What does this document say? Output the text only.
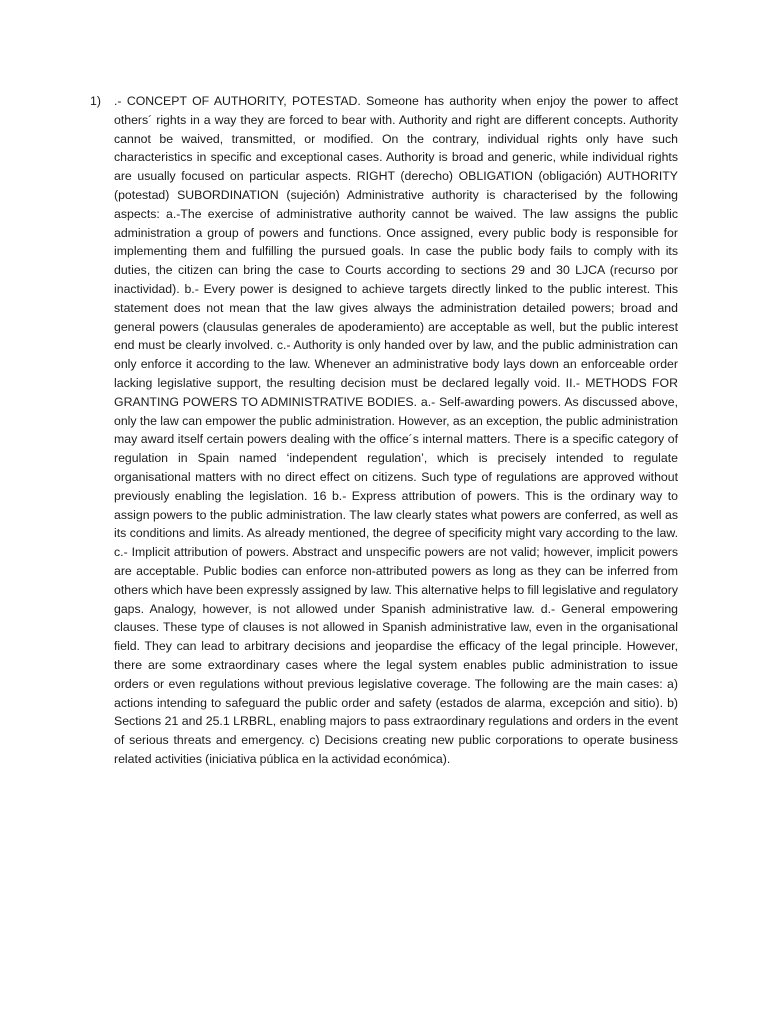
1)	.- CONCEPT OF AUTHORITY, POTESTAD. Someone has authority when enjoy the power to affect others´ rights in a way they are forced to bear with. Authority and right are different concepts. Authority cannot be waived, transmitted, or modified. On the contrary, individual rights only have such characteristics in specific and exceptional cases. Authority is broad and generic, while individual rights are usually focused on particular aspects. RIGHT (derecho) OBLIGATION (obligación) AUTHORITY (potestad) SUBORDINATION (sujeción) Administrative authority is characterised by the following aspects: a.-The exercise of administrative authority cannot be waived. The law assigns the public administration a group of powers and functions. Once assigned, every public body is responsible for implementing them and fulfilling the pursued goals. In case the public body fails to comply with its duties, the citizen can bring the case to Courts according to sections 29 and 30 LJCA (recurso por inactividad). b.- Every power is designed to achieve targets directly linked to the public interest. This statement does not mean that the law gives always the administration detailed powers; broad and general powers (clausulas generales de apoderamiento) are acceptable as well, but the public interest end must be clearly involved. c.- Authority is only handed over by law, and the public administration can only enforce it according to the law. Whenever an administrative body lays down an enforceable order lacking legislative support, the resulting decision must be declared legally void. II.- METHODS FOR GRANTING POWERS TO ADMINISTRATIVE BODIES. a.- Self-awarding powers. As discussed above, only the law can empower the public administration. However, as an exception, the public administration may award itself certain powers dealing with the office´s internal matters. There is a specific category of regulation in Spain named ‘independent regulation’, which is precisely intended to regulate organisational matters with no direct effect on citizens. Such type of regulations are approved without previously enabling the legislation. 16 b.- Express attribution of powers. This is the ordinary way to assign powers to the public administration. The law clearly states what powers are conferred, as well as its conditions and limits. As already mentioned, the degree of specificity might vary according to the law. c.- Implicit attribution of powers. Abstract and unspecific powers are not valid; however, implicit powers are acceptable. Public bodies can enforce non-attributed powers as long as they can be inferred from others which have been expressly assigned by law. This alternative helps to fill legislative and regulatory gaps. Analogy, however, is not allowed under Spanish administrative law. d.- General empowering clauses. These type of clauses is not allowed in Spanish administrative law, even in the organisational field. They can lead to arbitrary decisions and jeopardise the efficacy of the legal principle. However, there are some extraordinary cases where the legal system enables public administration to issue orders or even regulations without previous legislative coverage. The following are the main cases: a) actions intending to safeguard the public order and safety (estados de alarma, excepción and sitio). b) Sections 21 and 25.1 LRBRL, enabling majors to pass extraordinary regulations and orders in the event of serious threats and emergency. c) Decisions creating new public corporations to operate business related activities (iniciativa pública en la actividad económica).
